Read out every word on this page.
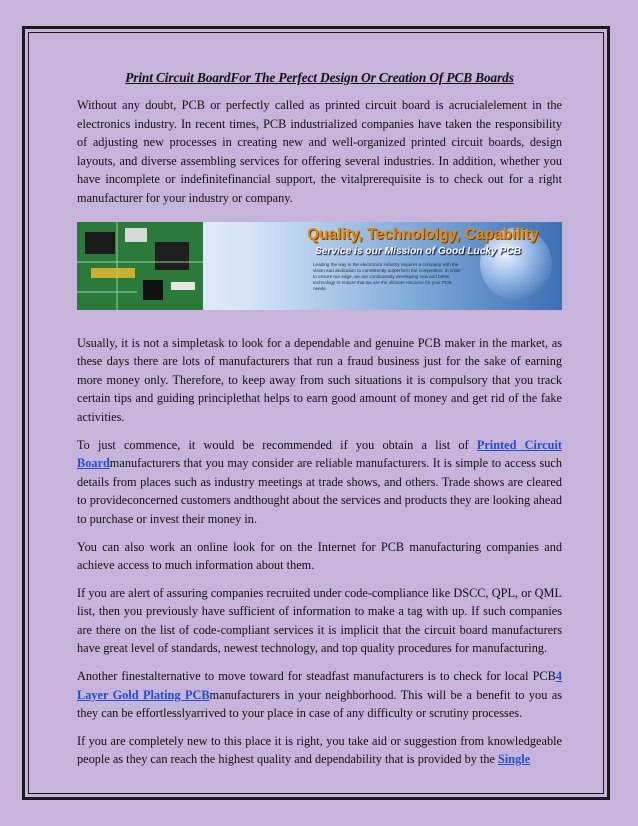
Print Circuit BoardFor The Perfect Design Or Creation Of PCB Boards

Without any doubt, PCB or perfectly called as printed circuit board is acrucialelement in the electronics industry. In recent times, PCB industrialized companies have taken the responsibility of adjusting new processes in creating new and well-organized printed circuit boards, design layouts, and diverse assembling services for offering several industries. In addition, whether you have incomplete or indefinitefinancial support, the vitalprerequisite is to check out for a right manufacturer for your industry or company.

Quality, Technololgy, Capability
Service is our Mission of Good Lucky PCB
Leading the way in the electronics industry requires a company with the vision and dedication to consistently outperform the competition. In order to ensure our edge, we are continuously developing new and better technology to ensure that we are the ultimate resource for your PCB needs.

Usually, it is not a simpletask to look for a dependable and genuine PCB maker in the market, as these days there are lots of manufacturers that run a fraud business just for the sake of earning more money only. Therefore, to keep away from such situations it is compulsory that you track certain tips and guiding principlethat helps to earn good amount of money and get rid of the fake activities.

To just commence, it would be recommended if you obtain a list of Printed Circuit Boardmanufacturers that you may consider are reliable manufacturers. It is simple to access such details from places such as industry meetings at trade shows, and others. Trade shows are cleared to provideconcerned customers andthought about the services and products they are looking ahead to purchase or invest their money in.

You can also work an online look for on the Internet for PCB manufacturing companies and achieve access to much information about them.

If you are alert of assuring companies recruited under code-compliance like DSCC, QPL, or QML list, then you previously have sufficient of information to make a tag with up. If such companies are there on the list of code-compliant services it is implicit that the circuit board manufacturers have great level of standards, newest technology, and top quality procedures for manufacturing.

Another finestalternative to move toward for steadfast manufacturers is to check for local PCB4 Layer Gold Plating PCBmanufacturers in your neighborhood. This will be a benefit to you as they can be effortlesslyarrived to your place in case of any difficulty or scrutiny processes.

If you are completely new to this place it is right, you take aid or suggestion from knowledgeable people as they can reach the highest quality and dependability that is provided by the Single
